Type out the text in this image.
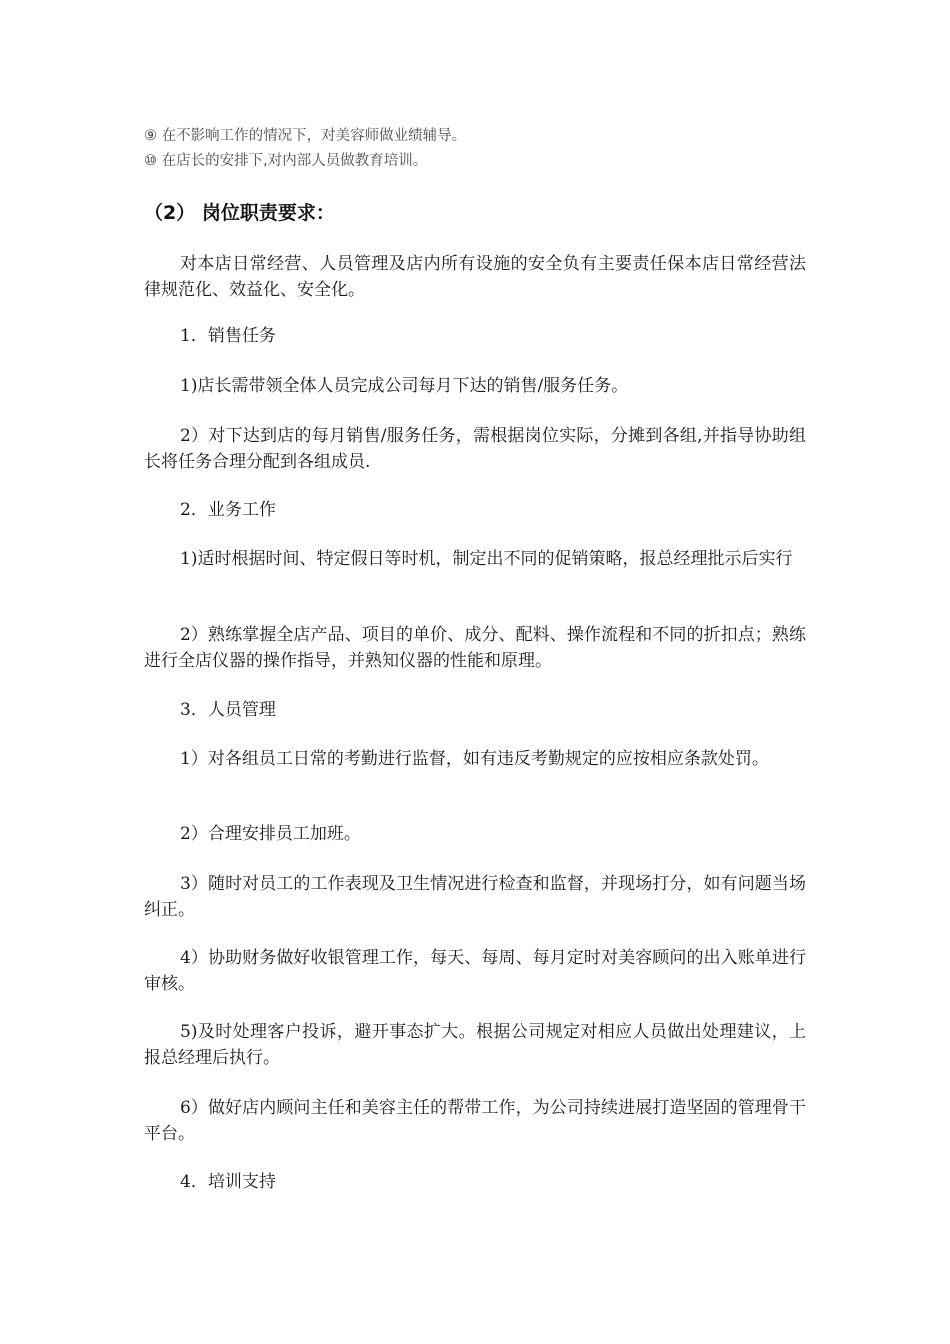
⑨ 在不影响工作的情况下，对美容师做业绩辅导。
⑩ 在店长的安排下,对内部人员做教育培训。
（2） 岗位职责要求：

对本店日常经营、人员管理及店内所有设施的安全负有主要责任保本店日常经营法律规范化、效益化、安全化。

1．销售任务

1)店长需带领全体人员完成公司每月下达的销售/服务任务。

2）对下达到店的每月销售/服务任务，需根据岗位实际，分摊到各组,并指导协助组长将任务合理分配到各组成员.

2．业务工作

1)适时根据时间、特定假日等时机，制定出不同的促销策略，报总经理批示后实行

2）熟练掌握全店产品、项目的单价、成分、配料、操作流程和不同的折扣点；熟练进行全店仪器的操作指导，并熟知仪器的性能和原理。

3．人员管理

1）对各组员工日常的考勤进行监督，如有违反考勤规定的应按相应条款处罚。

2）合理安排员工加班。

3）随时对员工的工作表现及卫生情况进行检查和监督，并现场打分，如有问题当场纠正。

4）协助财务做好收银管理工作，每天、每周、每月定时对美容顾问的出入账单进行审核。

5)及时处理客户投诉，避开事态扩大。根据公司规定对相应人员做出处理建议，上报总经理后执行。

6）做好店内顾问主任和美容主任的帮带工作，为公司持续进展打造坚固的管理骨干平台。

4．培训支持
